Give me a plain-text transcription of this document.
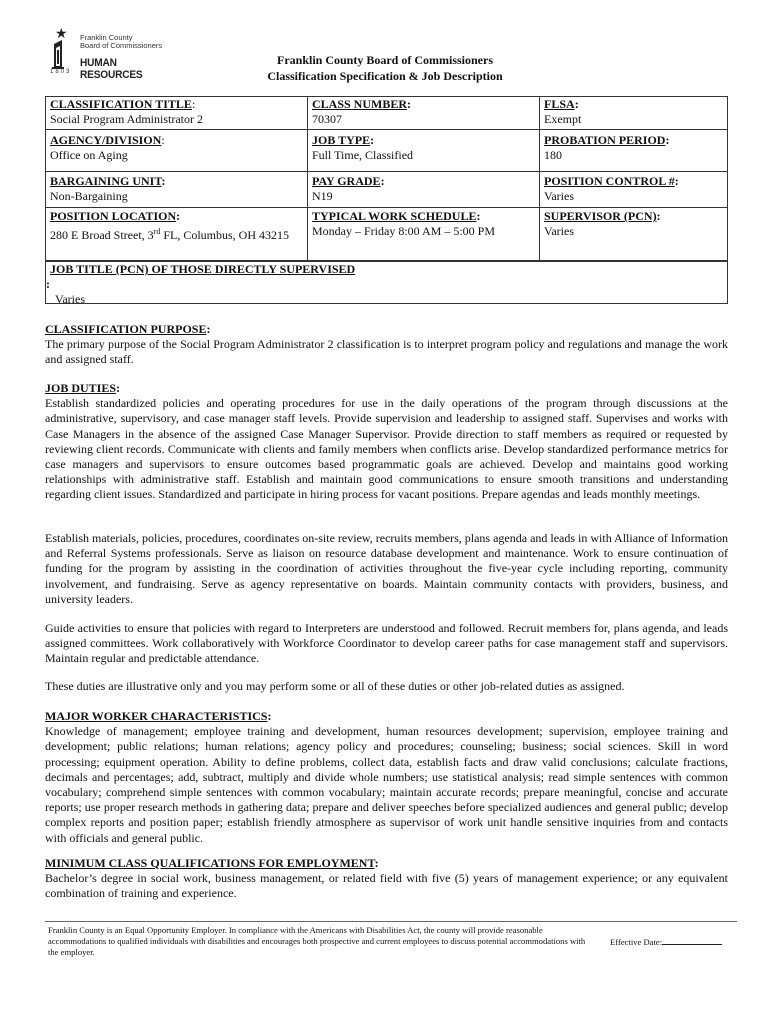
★ Franklin County
Board of Commissioners
HUMAN RESOURCES
1803
Franklin County Board of Commissioners
Classification Specification & Job Description
CLASSIFICATION TITLE:
Social Program Administrator 2	CLASS NUMBER:
70307	FLSA:
Exempt
AGENCY/DIVISION:
Office on Aging	JOB TYPE:
Full Time, Classified	PROBATION PERIOD:
180
BARGAINING UNIT:
Non-Bargaining	PAY GRADE:
N19	POSITION CONTROL #:
Varies
POSITION LOCATION:
280 E Broad Street, 3rd FL, Columbus, OH 43215	TYPICAL WORK SCHEDULE:
Monday – Friday 8:00 AM – 5:00 PM	SUPERVISOR (PCN):
Varies
JOB TITLE (PCN) OF THOSE DIRECTLY SUPERVISED
:
Varies
CLASSIFICATION PURPOSE:

The primary purpose of the Social Program Administrator 2 classification is to interpret program policy and regulations and manage the work and assigned staff.

JOB DUTIES:

Establish standardized policies and operating procedures for use in the daily operations of the program through discussions at the administrative, supervisory, and case manager staff levels. Provide supervision and leadership to assigned staff. Supervises and works with Case Managers in the absence of the assigned Case Manager Supervisor. Provide direction to staff members as required or requested by reviewing client records. Communicate with clients and family members when conflicts arise. Develop standardized performance metrics for case managers and supervisors to ensure outcomes based programmatic goals are achieved. Develop and maintains good working relationships with administrative staff. Establish and maintain good communications to ensure smooth transitions and understanding regarding client issues. Standardized and participate in hiring process for vacant positions. Prepare agendas and leads monthly meetings.

Establish materials, policies, procedures, coordinates on-site review, recruits members, plans agenda and leads in with Alliance of Information and Referral Systems professionals. Serve as liaison on resource database development and maintenance. Work to ensure continuation of funding for the program by assisting in the coordination of activities throughout the five-year cycle including reporting, community involvement, and fundraising. Serve as agency representative on boards. Maintain community contacts with providers, business, and university leaders.

Guide activities to ensure that policies with regard to Interpreters are understood and followed. Recruit members for, plans agenda, and leads assigned committees. Work collaboratively with Workforce Coordinator to develop career paths for case management staff and supervisors. Maintain regular and predictable attendance.

These duties are illustrative only and you may perform some or all of these duties or other job-related duties as assigned.

MAJOR WORKER CHARACTERISTICS:

Knowledge of management; employee training and development, human resources development; supervision, employee training and development; public relations; human relations; agency policy and procedures; counseling; business; social sciences. Skill in word processing; equipment operation. Ability to define problems, collect data, establish facts and draw valid conclusions; calculate fractions, decimals and percentages; add, subtract, multiply and divide whole numbers; use statistical analysis; read simple sentences with common vocabulary; comprehend simple sentences with common vocabulary; maintain accurate records; prepare meaningful, concise and accurate reports; use proper research methods in gathering data; prepare and deliver speeches before specialized audiences and general public; develop complex reports and position paper; establish friendly atmosphere as supervisor of work unit handle sensitive inquiries from and contacts with officials and general public.

MINIMUM CLASS QUALIFICATIONS FOR EMPLOYMENT:

Bachelor’s degree in social work, business management, or related field with five (5) years of management experience; or any equivalent combination of training and experience.

Franklin County is an Equal Opportunity Employer. In compliance with the Americans with Disabilities Act, the county will provide reasonable accommodations to qualified individuals with disabilities and encourages both prospective and current employees to discuss potential accommodations with the employer.
Effective Date:
